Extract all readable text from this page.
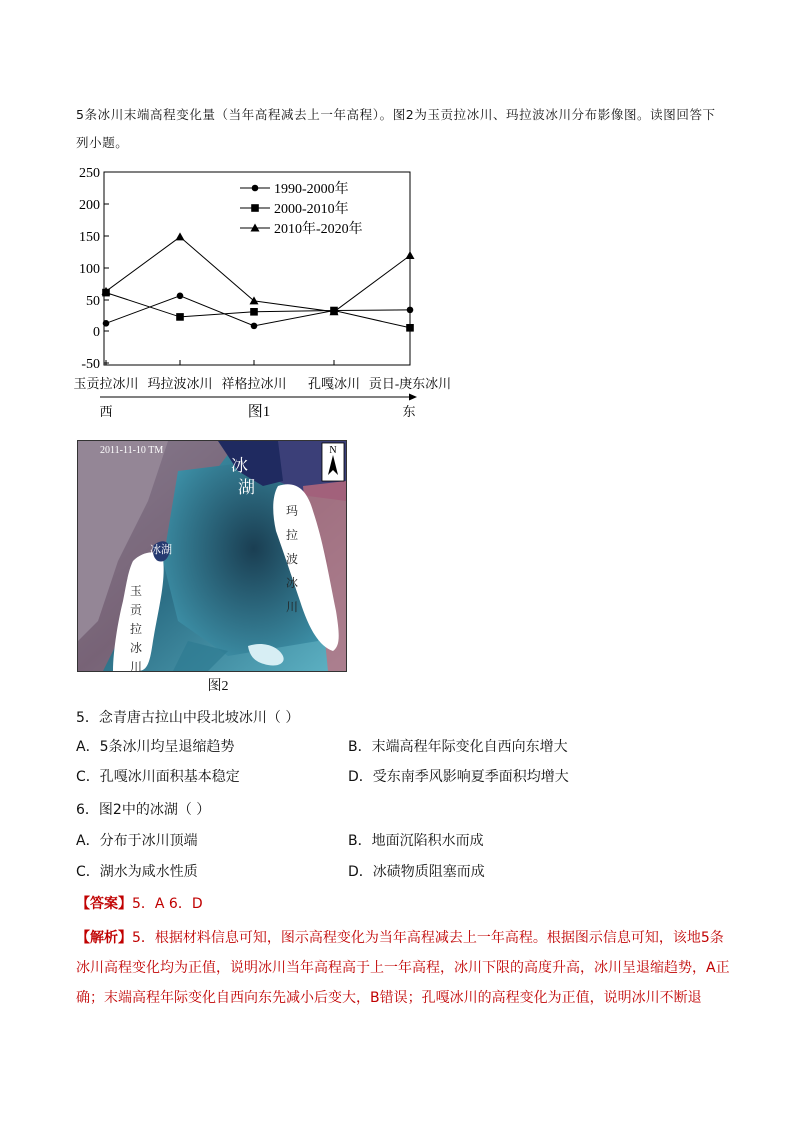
5条冰川末端高程变化量（当年高程减去上一年高程）。图2为玉贡拉冰川、玛拉波冰川分布影像图。读图回答下列小题。
250
200
150
100
50
0
-50
玉贡拉冰川 玛拉波冰川 祥格拉冰川 孔嘎冰川 贡日-庚东冰川
1990-2000年
2000-2010年
2010年-2020年
西	东
图1
N
2011-11-10 TM
冰
湖
冰湖
玛
拉
波
冰
川
玉
贡
拉
冰
川
图2
5．念青唐古拉山中段北坡冰川（ ）
A．5条冰川均呈退缩趋势	B．末端高程年际变化自西向东增大
C．孔嘎冰川面积基本稳定	D．受东南季风影响夏季面积均增大
6．图2中的冰湖（ ）
A．分布于冰川顶端	B．地面沉陷积水而成
C．湖水为咸水性质	D．冰碛物质阻塞而成
【答案】5．A 6．D
【解析】5．根据材料信息可知，图示高程变化为当年高程减去上一年高程。根据图示信息可知，该地5条冰川高程变化均为正值，说明冰川当年高程高于上一年高程，冰川下限的高度升高，冰川呈退缩趋势，A正确；末端高程年际变化自西向东先减小后变大，B错误；孔嘎冰川的高程变化为正值，说明冰川不断退
